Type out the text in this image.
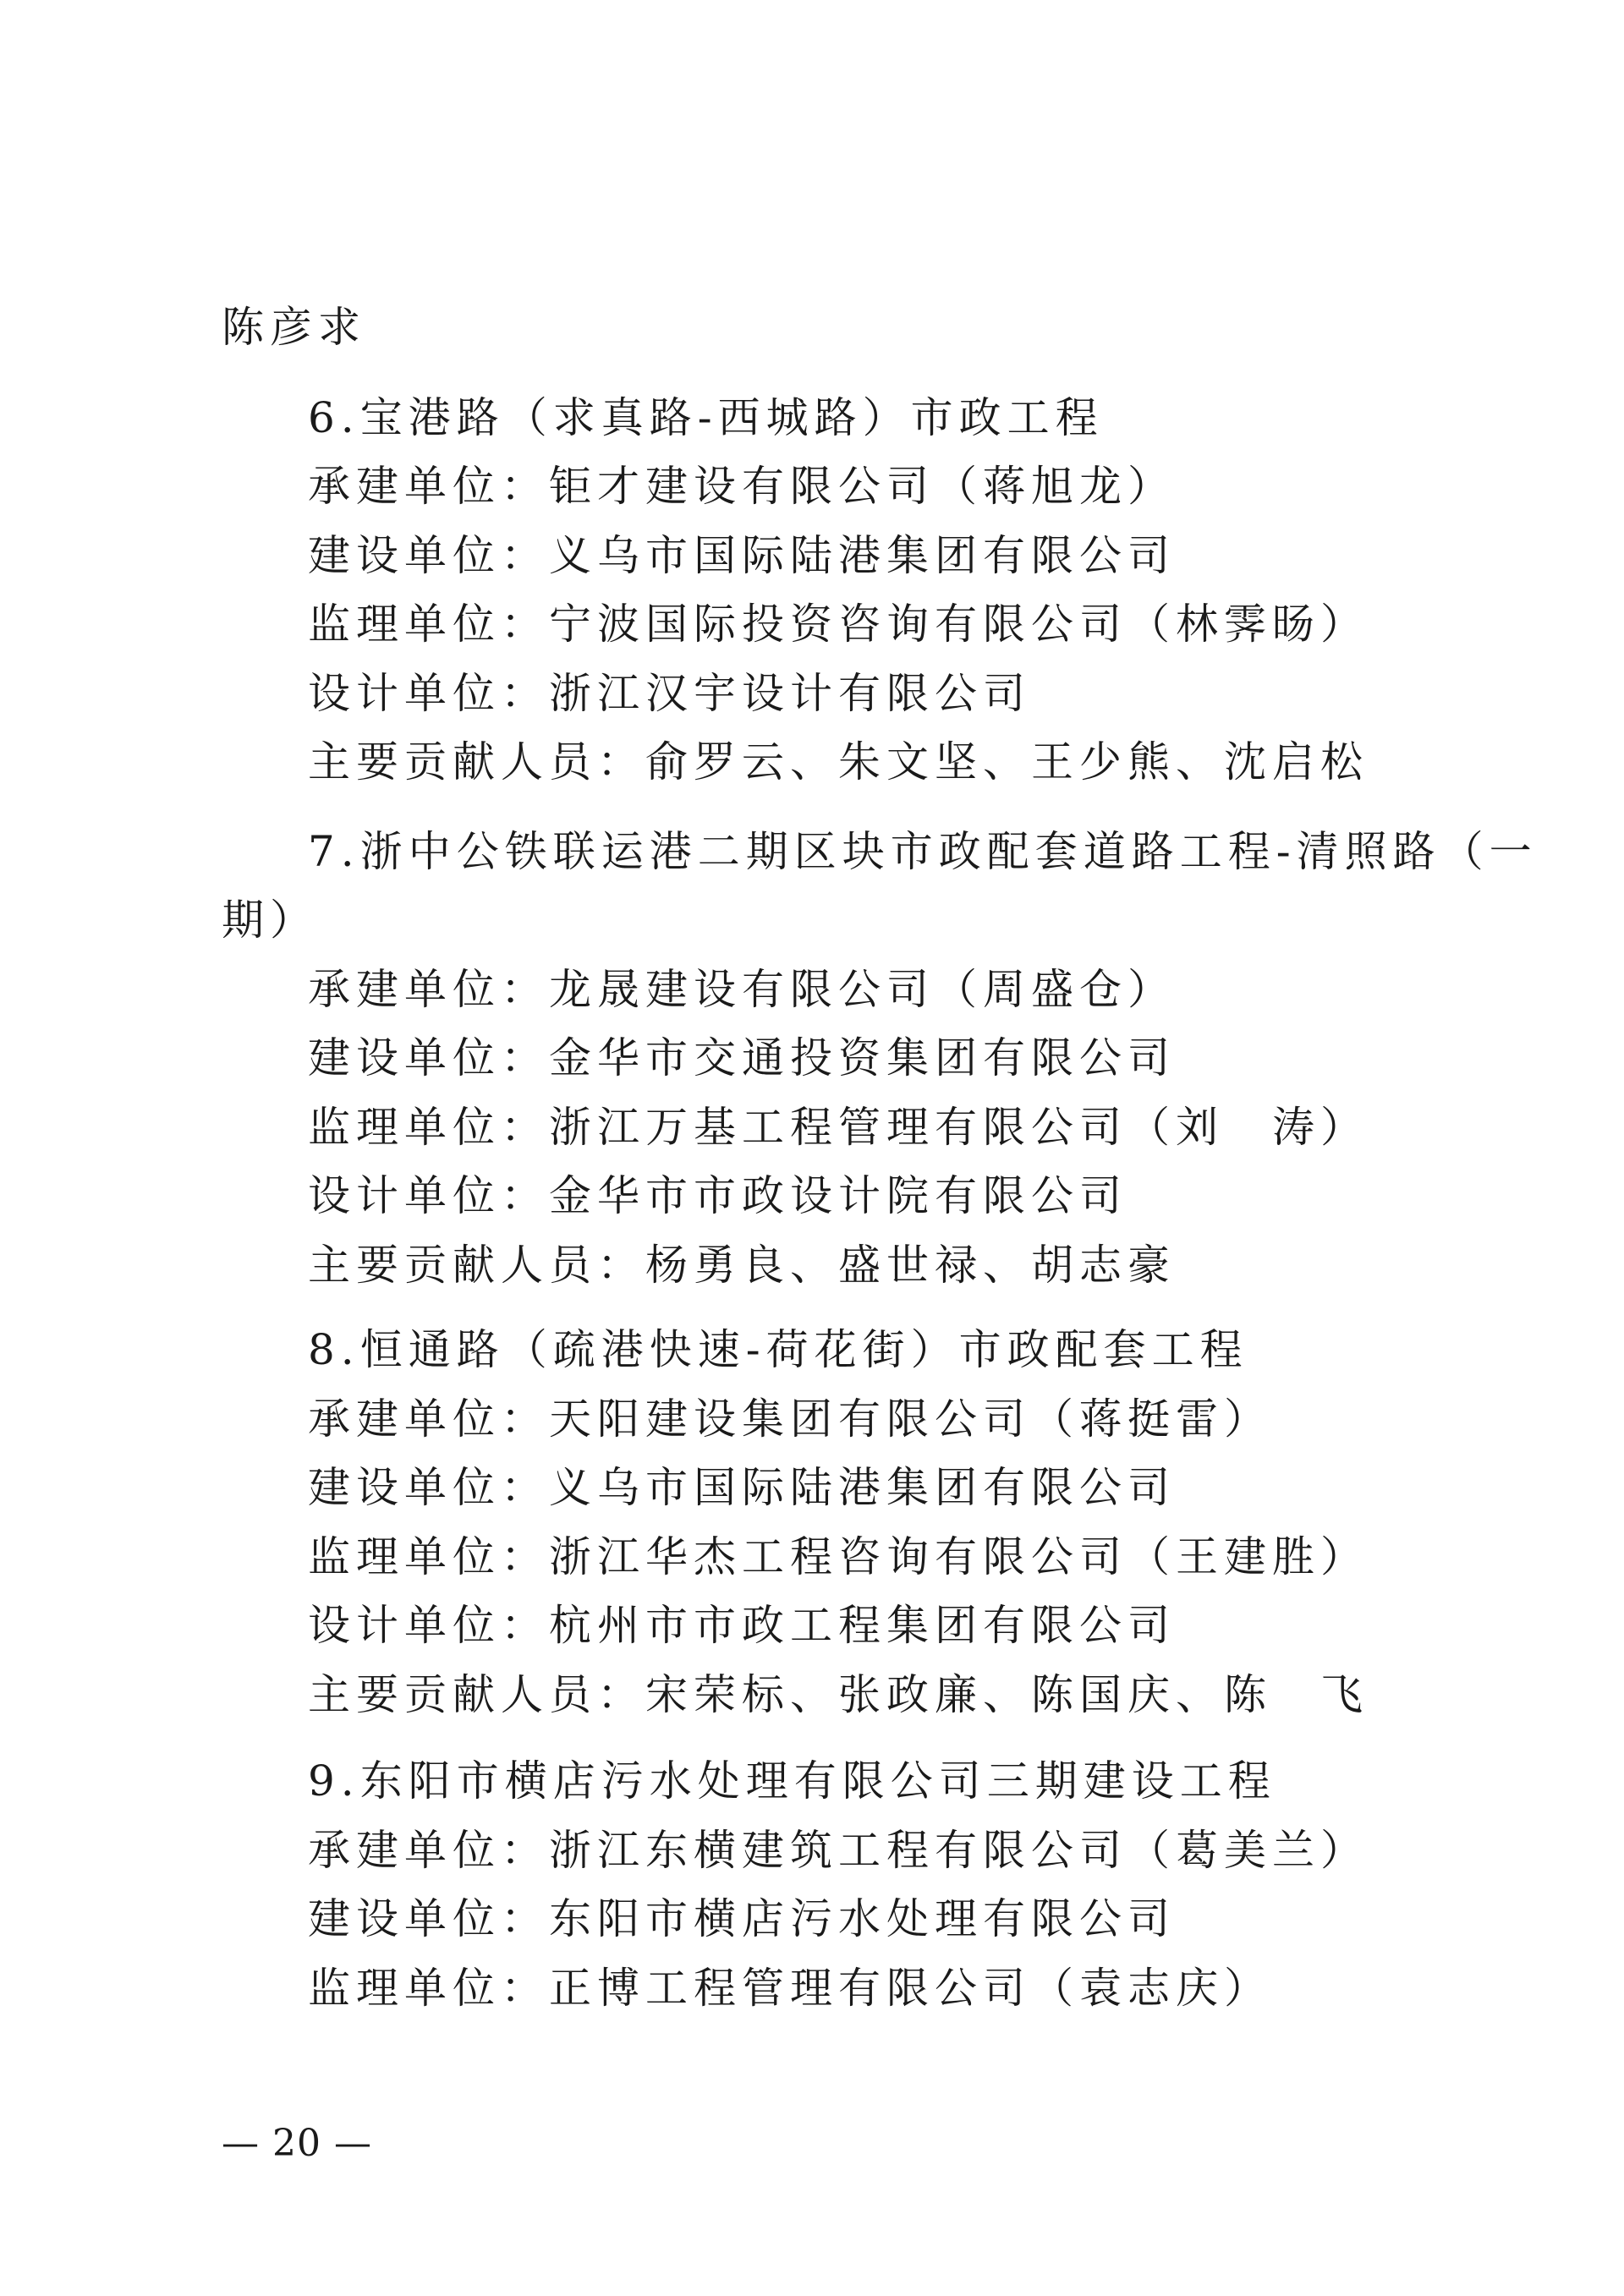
陈彦求
6.宝港路（求真路-西城路）市政工程
承建单位：钜才建设有限公司（蒋旭龙）
建设单位：义乌市国际陆港集团有限公司
监理单位：宁波国际投资咨询有限公司（林霁旸）
设计单位：浙江汉宇设计有限公司
主要贡献人员：俞罗云、朱文坚、王少熊、沈启松
7.浙中公铁联运港二期区块市政配套道路工程-清照路（一
期）
承建单位：龙晟建设有限公司（周盛仓）
建设单位：金华市交通投资集团有限公司
监理单位：浙江万基工程管理有限公司（刘　涛）
设计单位：金华市市政设计院有限公司
主要贡献人员：杨勇良、盛世禄、胡志豪
8.恒通路（疏港快速-荷花街）市政配套工程
承建单位：天阳建设集团有限公司（蒋挺雷）
建设单位：义乌市国际陆港集团有限公司
监理单位：浙江华杰工程咨询有限公司（王建胜）
设计单位：杭州市市政工程集团有限公司
主要贡献人员：宋荣标、张政廉、陈国庆、陈　飞
9.东阳市横店污水处理有限公司三期建设工程
承建单位：浙江东横建筑工程有限公司（葛美兰）
建设单位：东阳市横店污水处理有限公司
监理单位：正博工程管理有限公司（袁志庆）
— 20 —
